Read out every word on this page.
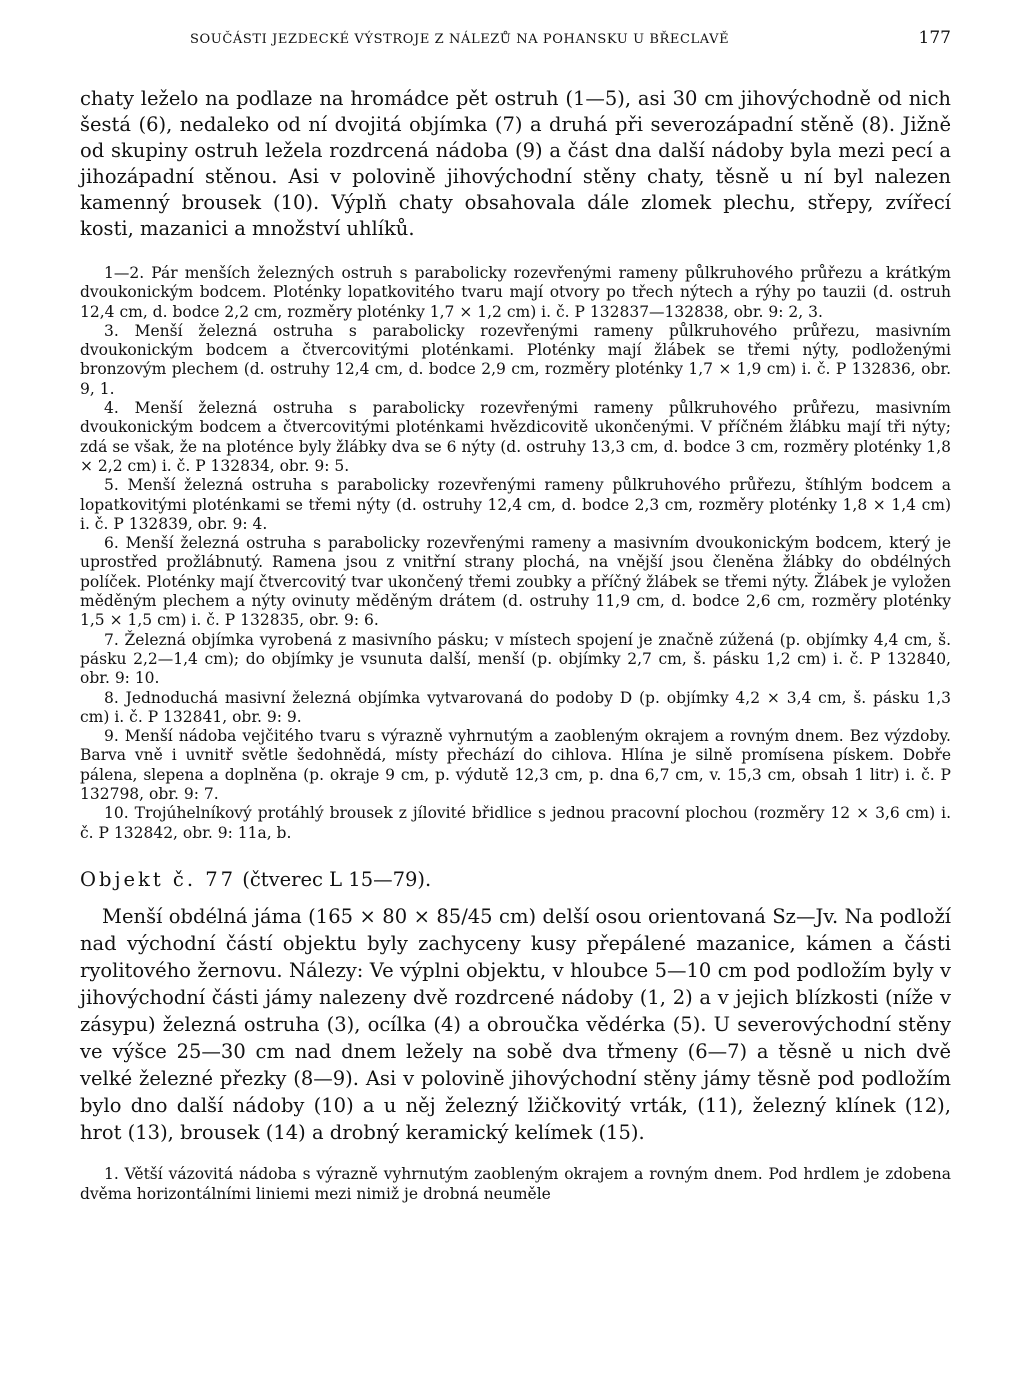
SOUČÁSTI JEZDECKÉ VÝSTROJE Z NÁLEZŮ NA POHANSKU U BŘECLAVĚ	177

chaty leželo na podlaze na hromádce pět ostruh (1—5), asi 30 cm jihovýchodně od nich šestá (6), nedaleko od ní dvojitá objímka (7) a druhá při severozápadní stěně (8). Jižně od skupiny ostruh ležela rozdrcená nádoba (9) a část dna další nádoby byla mezi pecí a jihozápadní stěnou. Asi v polovině jihovýchodní stěny chaty, těsně u ní byl nalezen kamenný brousek (10). Výplň chaty obsahovala dále zlomek plechu, střepy, zvířecí kosti, mazanici a množství uhlíků.

1—2. Pár menších železných ostruh s parabolicky rozevřenými rameny půlkruhového průřezu a krátkým dvoukonickým bodcem. Ploténky lopatkovitého tvaru mají otvory po třech nýtech a rýhy po tauzii (d. ostruh 12,4 cm, d. bodce 2,2 cm, rozměry ploténky 1,7 × 1,2 cm) i. č. P 132837—132838, obr. 9: 2, 3.

3. Menší železná ostruha s parabolicky rozevřenými rameny půlkruhového průřezu, masivním dvoukonickým bodcem a čtvercovitými ploténkami. Ploténky mají žlábek se třemi nýty, podloženými bronzovým plechem (d. ostruhy 12,4 cm, d. bodce 2,9 cm, rozměry ploténky 1,7 × 1,9 cm) i. č. P 132836, obr. 9, 1.

4. Menší železná ostruha s parabolicky rozevřenými rameny půlkruhového průřezu, masivním dvoukonickým bodcem a čtvercovitými ploténkami hvězdicovitě ukončenými. V příčném žlábku mají tři nýty; zdá se však, že na ploténce byly žlábky dva se 6 nýty (d. ostruhy 13,3 cm, d. bodce 3 cm, rozměry ploténky 1,8 × 2,2 cm) i. č. P 132834, obr. 9: 5.

5. Menší železná ostruha s parabolicky rozevřenými rameny půlkruhového průřezu, štíhlým bodcem a lopatkovitými ploténkami se třemi nýty (d. ostruhy 12,4 cm, d. bodce 2,3 cm, rozměry ploténky 1,8 × 1,4 cm) i. č. P 132839, obr. 9: 4.

6. Menší železná ostruha s parabolicky rozevřenými rameny a masivním dvoukonickým bodcem, který je uprostřed prožlábnutý. Ramena jsou z vnitřní strany plochá, na vnější jsou členěna žlábky do obdélných políček. Ploténky mají čtvercovitý tvar ukončený třemi zoubky a příčný žlábek se třemi nýty. Žlábek je vyložen měděným plechem a nýty ovinuty měděným drátem (d. ostruhy 11,9 cm, d. bodce 2,6 cm, rozměry ploténky 1,5 × 1,5 cm) i. č. P 132835, obr. 9: 6.

7. Železná objímka vyrobená z masivního pásku; v místech spojení je značně zúžená (p. objímky 4,4 cm, š. pásku 2,2—1,4 cm); do objímky je vsunuta další, menší (p. objímky 2,7 cm, š. pásku 1,2 cm) i. č. P 132840, obr. 9: 10.

8. Jednoduchá masivní železná objímka vytvarovaná do podoby D (p. objímky 4,2 × 3,4 cm, š. pásku 1,3 cm) i. č. P 132841, obr. 9: 9.

9. Menší nádoba vejčitého tvaru s výrazně vyhrnutým a zaobleným okrajem a rovným dnem. Bez výzdoby. Barva vně i uvnitř světle šedohnědá, místy přechází do cihlova. Hlína je silně promísena pískem. Dobře pálena, slepena a doplněna (p. okraje 9 cm, p. výdutě 12,3 cm, p. dna 6,7 cm, v. 15,3 cm, obsah 1 litr) i. č. P 132798, obr. 9: 7.

10. Trojúhelníkový protáhlý brousek z jílovité břidlice s jednou pracovní plochou (rozměry 12 × 3,6 cm) i. č. P 132842, obr. 9: 11a, b.

Objekt č. 77 (čtverec L 15—79).

Menší obdélná jáma (165 × 80 × 85/45 cm) delší osou orientovaná Sz—Jv. Na podloží nad východní částí objektu byly zachyceny kusy přepálené mazanice, kámen a části ryolitového žernovu. Nálezy: Ve výplni objektu, v hloubce 5—10 cm pod podložím byly v jihovýchodní části jámy nalezeny dvě rozdrcené nádoby (1, 2) a v jejich blízkosti (níže v zásypu) železná ostruha (3), ocílka (4) a obroučka vědérka (5). U severovýchodní stěny ve výšce 25—30 cm nad dnem ležely na sobě dva třmeny (6—7) a těsně u nich dvě velké železné přezky (8—9). Asi v polovině jihovýchodní stěny jámy těsně pod podložím bylo dno další nádoby (10) a u něj železný lžičkovitý vrták, (11), železný klínek (12), hrot (13), brousek (14) a drobný keramický kelímek (15).

1. Větší vázovitá nádoba s výrazně vyhrnutým zaobleným okrajem a rovným dnem. Pod hrdlem je zdobena dvěma horizontálními liniemi mezi nimiž je drobná neuměle
